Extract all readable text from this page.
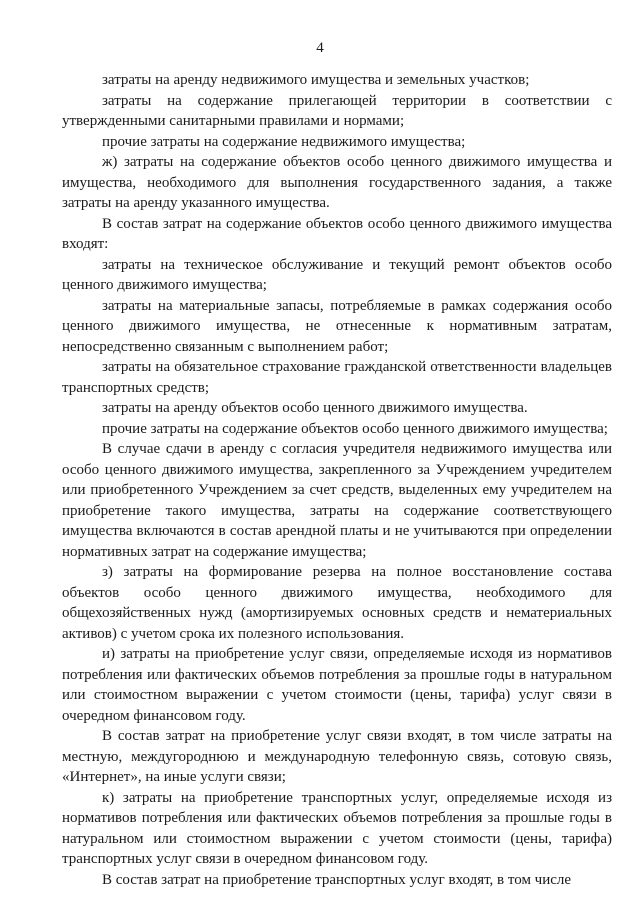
4

затраты на аренду недвижимого имущества и земельных участков;

затраты на содержание прилегающей территории в соответствии с утвержденными санитарными правилами и нормами;

прочие затраты на содержание недвижимого имущества;

ж) затраты на содержание объектов особо ценного движимого имущества и имущества, необходимого для выполнения государственного задания, а также затраты на аренду указанного имущества.

В состав затрат на содержание объектов особо ценного движимого имущества входят:

затраты на техническое обслуживание и текущий ремонт объектов особо ценного движимого имущества;

затраты на материальные запасы, потребляемые в рамках содержания особо ценного движимого имущества, не отнесенные к нормативным затратам, непосредственно связанным с выполнением работ;

затраты на обязательное страхование гражданской ответственности владельцев транспортных средств;

затраты на аренду объектов особо ценного движимого имущества.

прочие затраты на содержание объектов особо ценного движимого имущества;

В случае сдачи в аренду с согласия учредителя недвижимого имущества или особо ценного движимого имущества, закрепленного за Учреждением учредителем или приобретенного Учреждением за счет средств, выделенных ему учредителем на приобретение такого имущества, затраты на содержание соответствующего имущества включаются в состав арендной платы и не учитываются при определении нормативных затрат на содержание имущества;

з) затраты на формирование резерва на полное восстановление состава объектов особо ценного движимого имущества, необходимого для общехозяйственных нужд (амортизируемых основных средств и нематериальных активов) с учетом срока их полезного использования.

и) затраты на приобретение услуг связи, определяемые исходя из нормативов потребления или фактических объемов потребления за прошлые годы в натуральном или стоимостном выражении с учетом стоимости (цены, тарифа) услуг связи в очередном финансовом году.

В состав затрат на приобретение услуг связи входят, в том числе затраты на местную, междугороднюю и международную телефонную связь, сотовую связь, «Интернет», на иные услуги связи;

к) затраты на приобретение транспортных услуг, определяемые исходя из нормативов потребления или фактических объемов потребления за прошлые годы в натуральном или стоимостном выражении с учетом стоимости (цены, тарифа) транспортных услуг связи в очередном финансовом году.

В состав затрат на приобретение транспортных услуг входят, в том числе
